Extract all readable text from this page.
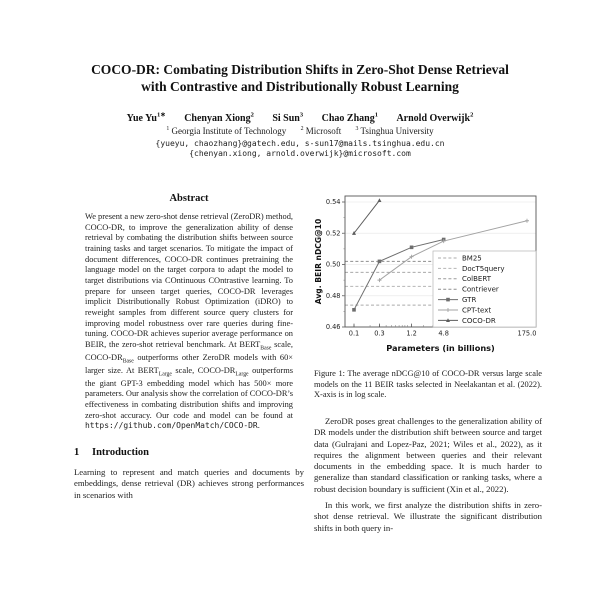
COCO-DR: Combating Distribution Shifts in Zero-Shot Dense Retrieval
with Contrastive and Distributionally Robust Learning
Yue $Yu^{1∗}$ Chenyan Xiong$^2$ Si Sun$^3$ Chao Zhang$^1$ Arnold Overwijk$^2$
$^1$ Georgia Institute of Technology $^2$ Microsoft $^3$ Tsinghua University
{yueyu, chaozhang}@gatech.edu, s-sun17@mails.tsinghua.edu.cn
{chenyan.xiong, arnold.overwijk}@microsoft.com
Abstract
We present a new zero-shot dense retrieval (ZeroDR) method, COCO-DR, to improve the generalization ability of dense retrieval by combating the distribution shifts between source training tasks and target scenarios. To mitigate the impact of document differences, COCO-DR continues pretraining the language model on the target corpora to adapt the model to target distributions via COntinuous COntrastive learning. To prepare for unseen target queries, COCO-DR leverages implicit Distributionally Robust Optimization (iDRO) to reweight samples from different source query clusters for improving model robustness over rare queries during fine-tuning. COCO-DR achieves superior average performance on BEIR, the zero-shot retrieval benchmark. At $BERT_{Base}$ scale, COCO-$DR_{Base}$ outperforms other ZeroDR models with 60× larger size. At $BERT_{Large}$ scale, COCO-$DR_{Large}$ outperforms the giant GPT-3 embedding model which has 500× more parameters. Our analysis show the correlation of COCO-DR’s effectiveness in combating distribution shifts and improving zero-shot accuracy. Our code and model can be found at https://github.com/OpenMatch/COCO-DR.
1 Introduction
Learning to represent and match queries and documents by embeddings, dense retrieval (DR) achieves strong performances in scenarios with
0.46
0.48
0.50
0.52
0.54
0.1 0.3	1.2	4.8	175.0
Parameters (in billions)
Avg. BEIR nDCG@10	BM25
DocT5query
ColBERT
Contriever
GTR
CPT-text
COCO-DR
Figure 1: The average nDCG@10 of COCO-DR versus large scale models on the 11 BEIR tasks selected in Neelakantan et al. (2022). X-axis is in log scale.
ZeroDR poses great challenges to the generalization ability of DR models under the distribution shift between source and target data (Gulrajani and Lopez-Paz, 2021; Wiles et al., 2022), as it requires the alignment between queries and their relevant documents in the embedding space. It is much harder to generalize than standard classification or ranking tasks, where a robust decision boundary is sufficient (Xin et al., 2022).
In this work, we first analyze the distribution shifts in zero-shot dense retrieval. We illustrate the significant distribution shifts in both query in-
